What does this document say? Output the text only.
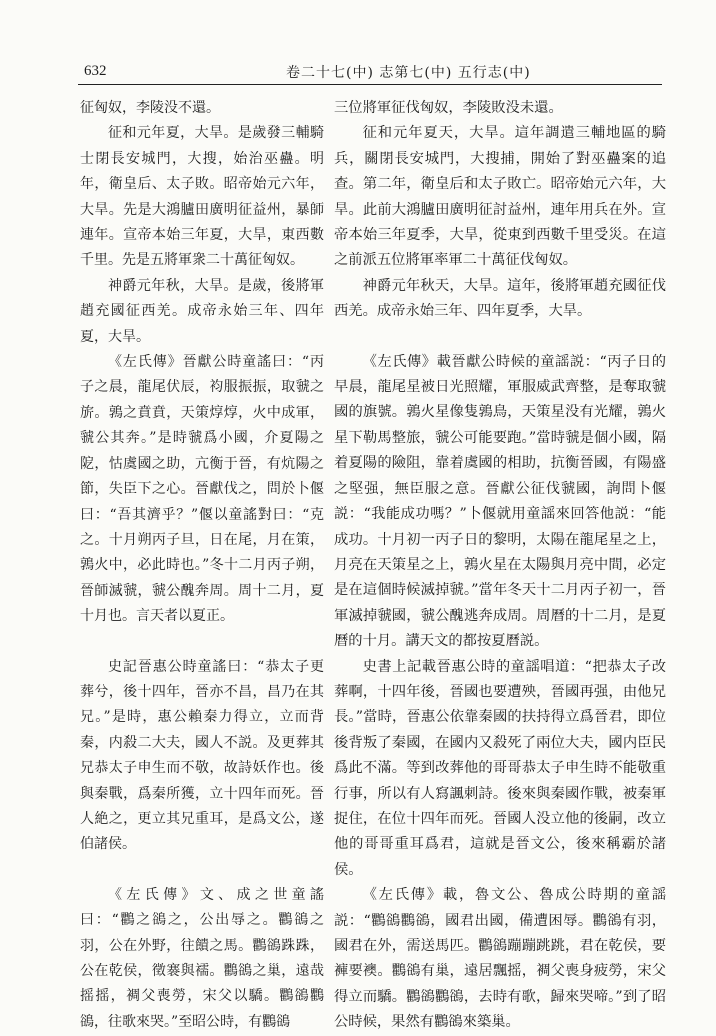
632	卷二十七(中) 志第七(中) 五行志(中)

征匈奴，李陵没不還。

征和元年夏，大旱。是歲發三輔騎士閉長安城門，大搜，始治巫蠱。明年，衛皇后、太子敗。昭帝始元六年，大旱。先是大鴻臚田廣明征益州，暴師連年。宣帝本始三年夏，大旱，東西數千里。先是五將軍衆二十萬征匈奴。

神爵元年秋，大旱。是歲，後將軍趙充國征西羌。成帝永始三年、四年夏，大旱。

《左氏傳》晉獻公時童謠曰：“丙子之晨，龍尾伏辰，袀服振振，取虢之旂。鶉之賁賁，天策焞焞，火中成軍，虢公其奔。”是時虢爲小國，介夏陽之阸，怙虞國之助，亢衡于晉，有炕陽之節，失臣下之心。晉獻伐之，問於卜偃曰：“吾其濟乎？”偃以童謠對曰：“克之。十月朔丙子旦，日在尾，月在策，鶉火中，必此時也。”冬十二月丙子朔，晉師滅虢，虢公醜奔周。周十二月，夏十月也。言天者以夏正。

史記晉惠公時童謠曰：“恭太子更葬兮，後十四年，晉亦不昌，昌乃在其兄。”是時，惠公賴秦力得立，立而背秦，内殺二大夫，國人不説。及更葬其兄恭太子申生而不敬，故詩妖作也。後與秦戰，爲秦所獲，立十四年而死。晉人絶之，更立其兄重耳，是爲文公，遂伯諸侯。

《左氏傳》文、成之世童謠曰：“鸜之鵒之，公出辱之。鸜鵒之羽，公在外野，往饋之馬。鸜鵒跦跦，公在乾侯，徵褰與襦。鸜鵒之巢，遠哉摇摇，裯父喪勞，宋父以驕。鸜鵒鸜鵒，往歌來哭。”至昭公時，有鸜鵒

三位將軍征伐匈奴，李陵敗没未還。

征和元年夏天，大旱。這年調遣三輔地區的騎兵，關閉長安城門，大搜捕，開始了對巫蠱案的追查。第二年，衛皇后和太子敗亡。昭帝始元六年，大旱。此前大鴻臚田廣明征討益州，連年用兵在外。宣帝本始三年夏季，大旱，從東到西數千里受災。在這之前派五位將軍率軍二十萬征伐匈奴。

神爵元年秋天，大旱。這年，後將軍趙充國征伐西羌。成帝永始三年、四年夏季，大旱。

《左氏傳》載晉獻公時候的童謡説：“丙子日的早晨，龍尾星被日光照耀，軍服威武齊整，是奪取虢國的旗號。鶉火星像隻鶉鳥，天策星没有光耀，鶉火星下勒馬整旅，虢公可能要跑。”當時虢是個小國，隔着夏陽的險阻，靠着虞國的相助，抗衡晉國，有陽盛之堅强，無臣服之意。晉獻公征伐虢國，詢問卜偃説：“我能成功嗎？”卜偃就用童謡來回答他説：“能成功。十月初一丙子日的黎明，太陽在龍尾星之上，月亮在天策星之上，鶉火星在太陽與月亮中間，必定是在這個時候滅掉虢。”當年冬天十二月丙子初一，晉軍滅掉虢國，虢公醜逃奔成周。周曆的十二月，是夏曆的十月。講天文的都按夏曆説。

史書上記載晉惠公時的童謡唱道：“把恭太子改葬啊，十四年後，晉國也要遭殃，晉國再强，由他兄長。”當時，晉惠公依靠秦國的扶持得立爲晉君，即位後背叛了秦國，在國内又殺死了兩位大夫，國内臣民爲此不滿。等到改葬他的哥哥恭太子申生時不能敬重行事，所以有人寫諷刺詩。後來與秦國作戰，被秦軍捉住，在位十四年而死。晉國人没立他的後嗣，改立他的哥哥重耳爲君，這就是晉文公，後來稱霸於諸侯。

《左氏傳》載，魯文公、魯成公時期的童謡説：“鸜鵒鸜鵒，國君出國，備遭困辱。鸜鵒有羽，國君在外，需送馬匹。鸜鵒蹦蹦跳跳，君在乾侯，要褲要襖。鸜鵒有巢，遠居飄摇，裯父喪身疲勞，宋父得立而驕。鸜鵒鸜鵒，去時有歌，歸來哭啼。”到了昭公時候，果然有鸜鵒來築巢。
